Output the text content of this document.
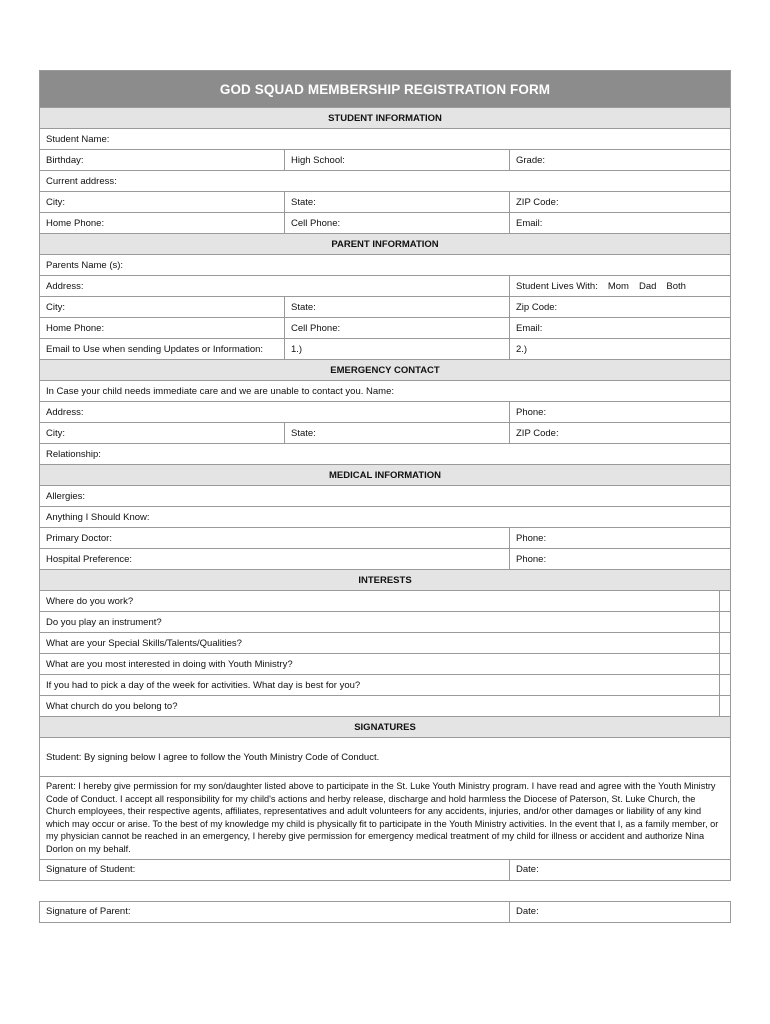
GOD SQUAD MEMBERSHIP REGISTRATION FORM			
STUDENT INFORMATION			
Student Name:			
Birthday:	High School:	Grade:	
Current address:			
City:	State:	ZIP Code:	
Home Phone:	Cell Phone:	Email:	
PARENT INFORMATION			
Parents Name (s):			
Address:		Student Lives With: Mom Dad Both	
City:	State:	Zip Code:	
Home Phone:	Cell Phone:	Email:	
Email to Use when sending Updates or Information:	1.)	2.)	
EMERGENCY CONTACT			
In Case your child needs immediate care and we are unable to contact you. Name:			
Address:		Phone:	
City:	State:	ZIP Code:	
Relationship:			
MEDICAL INFORMATION			
Allergies:			
Anything I Should Know:			
Primary Doctor:		Phone:	
Hospital Preference:		Phone:	
INTERESTS			
Where do you work?			
Do you play an instrument?			
What are your Special Skills/Talents/Qualities?			
What are you most interested in doing with Youth Ministry?			
If you had to pick a day of the week for activities. What day is best for you?			
What church do you belong to?			
SIGNATURES			
Student: By signing below I agree to follow the Youth Ministry Code of Conduct.			
Parent: I hereby give permission for my son/daughter listed above to participate in the St. Luke Youth Ministry program. I have read and agree with the Youth Ministry Code of Conduct. I accept all responsibility for my child's actions and herby release, discharge and hold harmless the Diocese of Paterson, St. Luke Church, the Church employees, their respective agents, affiliates, representatives and adult volunteers for any accidents, injuries, and/or other damages or liability of any kind which may occur or arise. To the best of my knowledge my child is physically fit to participate in the Youth Ministry activities. In the event that I, as a family member, or my physician cannot be reached in an emergency, I hereby give permission for emergency medical treatment of my child for illness or accident and authorize Nina Dorlon on my behalf.			
Signature of Student:		Date:	
Signature of Parent:	Date:
